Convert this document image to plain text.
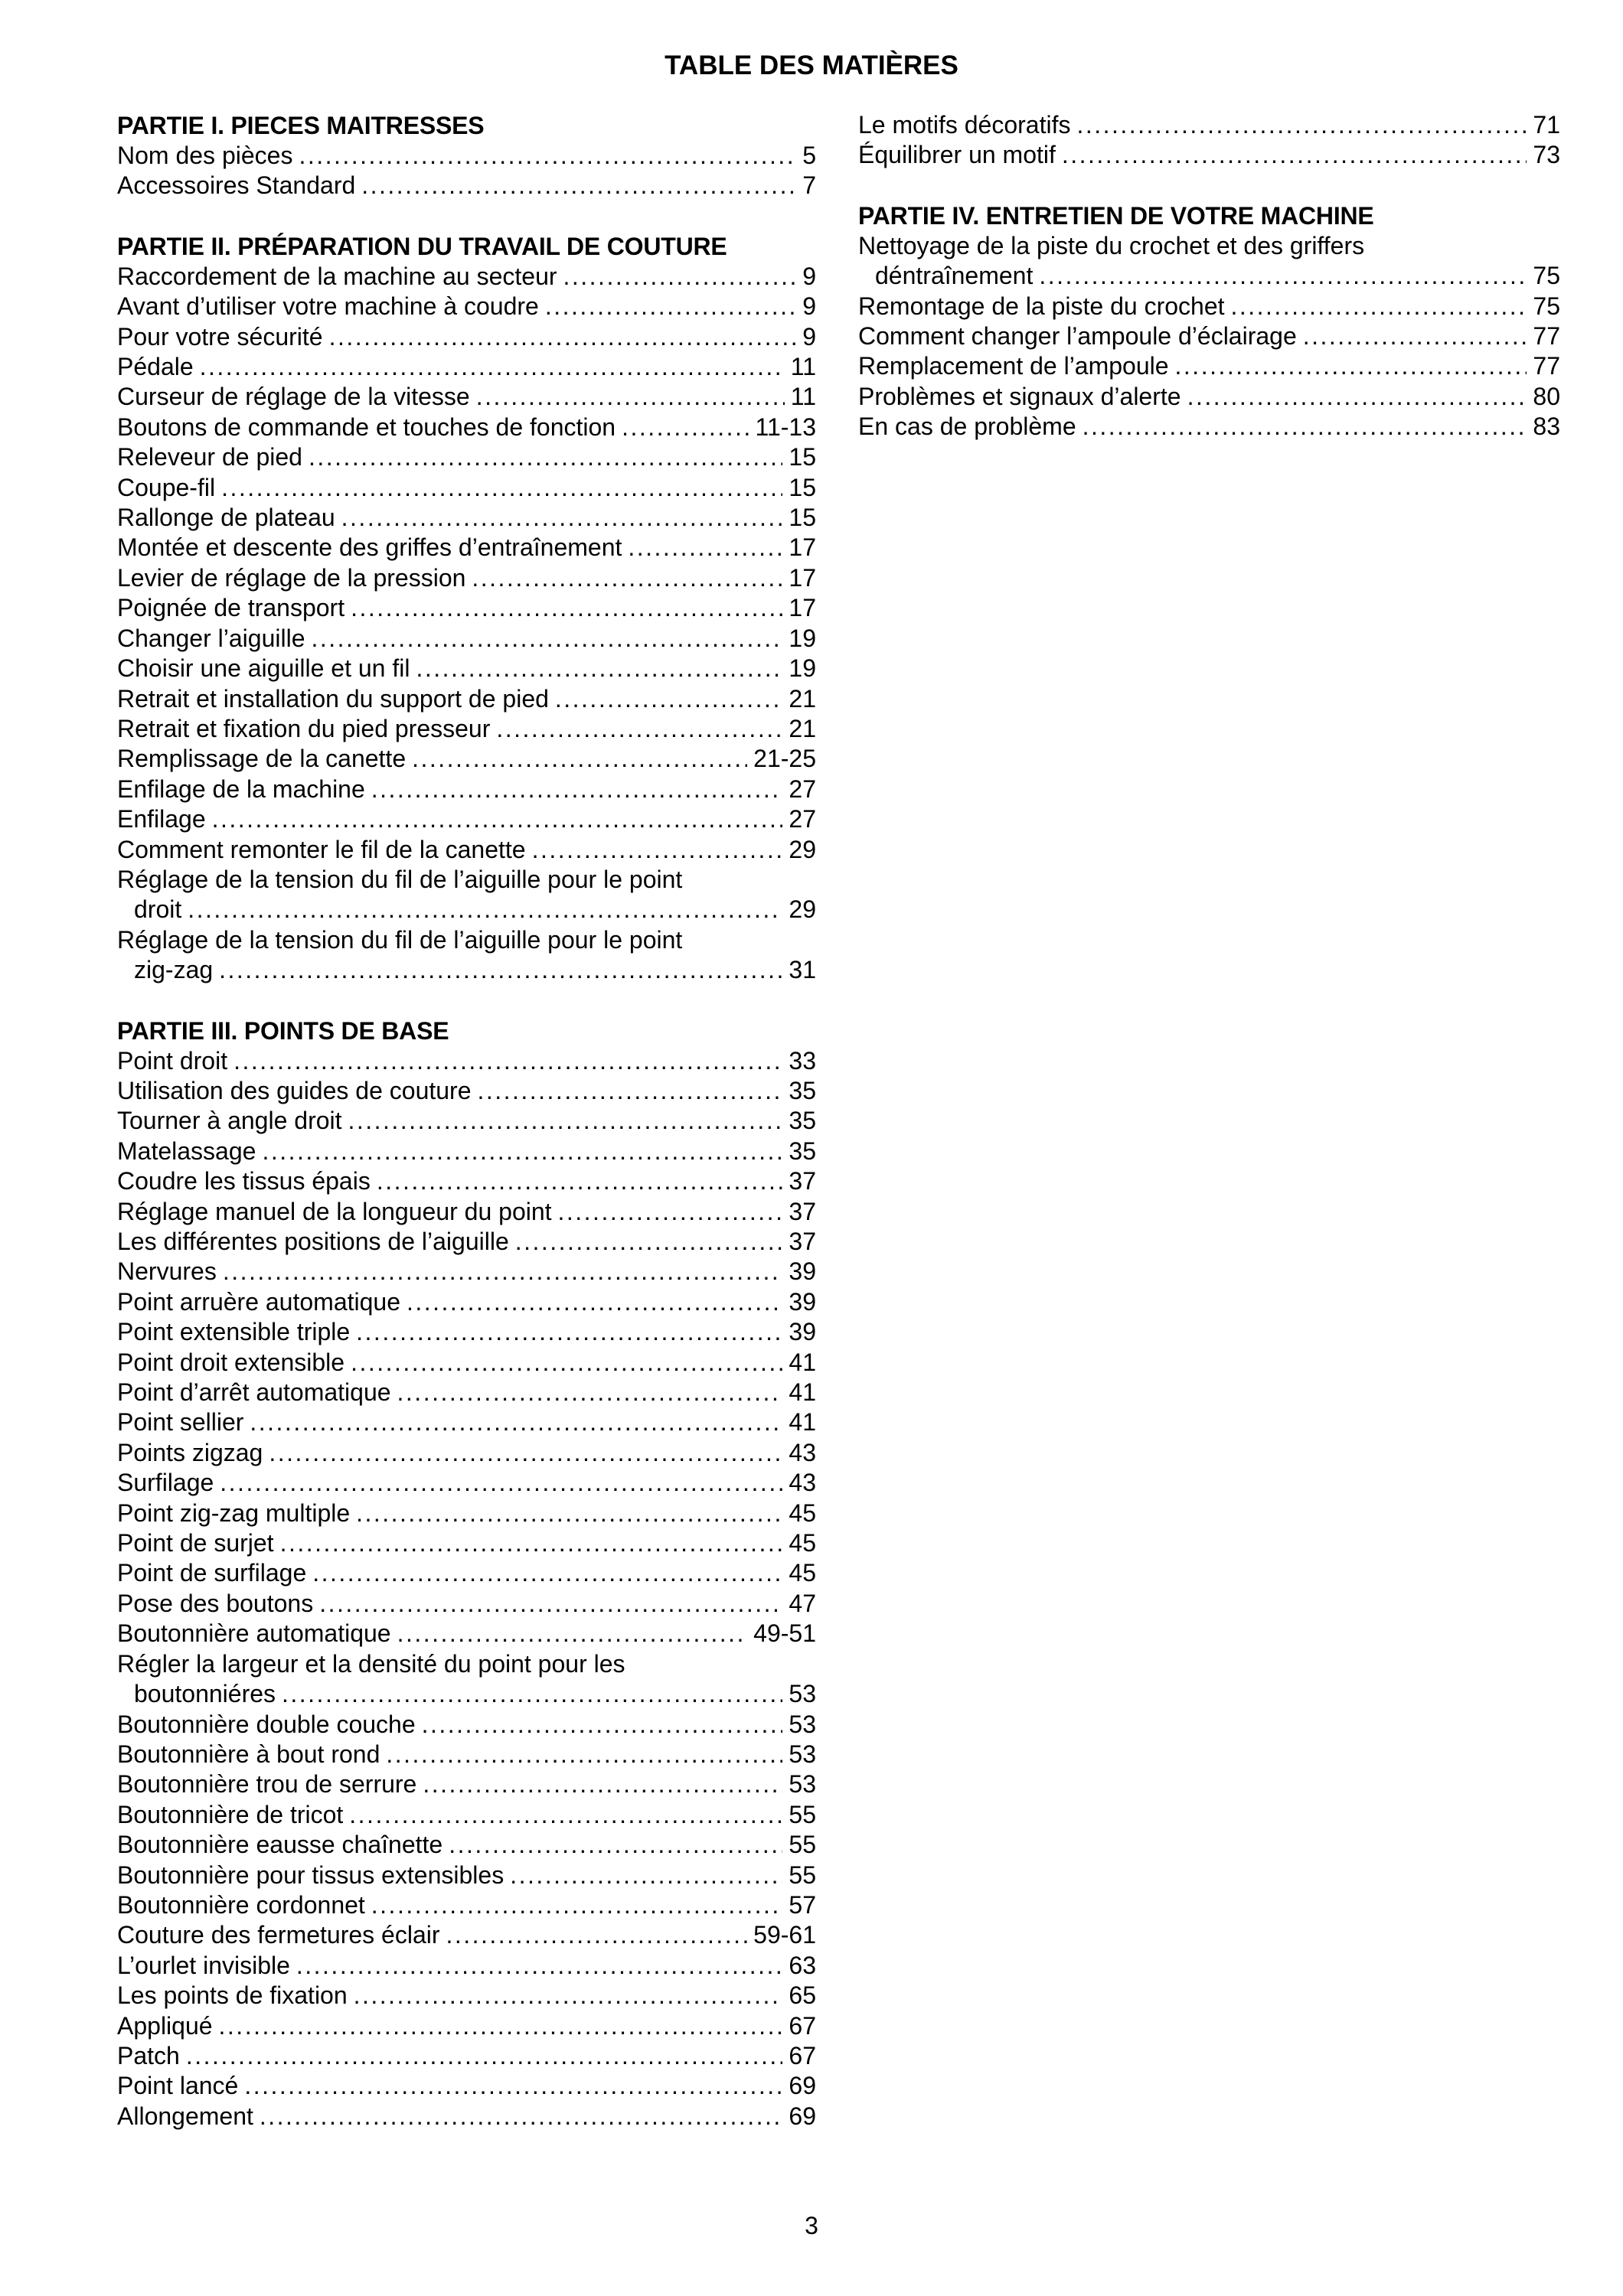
TABLE DES MATIÈRES
PARTIE I. PIECES MAITRESSES
Nom des pièces . . .	5
Accessoires Standard . . .	7
PARTIE II. PRÉPARATION DU TRAVAIL DE COUTURE
Raccordement de la machine au secteur . . .	9
Avant d’utiliser votre machine à coudre . . .	9
Pour votre sécurité . . .	9
Pédale . . .	11
Curseur de réglage de la vitesse . . .	11
Boutons de commande et touches de fonction . . .	11-13
Releveur de pied . . .	15
Coupe-fil . . .	15
Rallonge de plateau . . .	15
Montée et descente des griffes d’entraînement . . .	17
Levier de réglage de la pression . . .	17
Poignée de transport . . .	17
Changer l’aiguille . . .	19
Choisir une aiguille et un fil . . .	19
Retrait et installation du support de pied . . .	21
Retrait et fixation du pied presseur . . .	21
Remplissage de la canette . . .	21-25
Enfilage de la machine . . .	27
Enfilage . . .	27
Comment remonter le fil de la canette . . .	29
Réglage de la tension du fil de l’aiguille pour le point
droit . . .	29
Réglage de la tension du fil de l’aiguille pour le point
zig-zag . . .	31
PARTIE III. POINTS DE BASE
Point droit . . .	33
Utilisation des guides de couture . . .	35
Tourner à angle droit . . .	35
Matelassage . . .	35
Coudre les tissus épais . . .	37
Réglage manuel de la longueur du point . . .	37
Les différentes positions de l’aiguille . . .	37
Nervures . . .	39
Point arruère automatique . . .	39
Point extensible triple . . .	39
Point droit extensible . . .	41
Point d’arrêt automatique . . .	41
Point sellier . . .	41
Points zigzag . . .	43
Surfilage . . .	43
Point zig-zag multiple . . .	45
Point de surjet . . .	45
Point de surfilage . . .	45
Pose des boutons . . .	47
Boutonnière automatique . . .	49-51
Régler la largeur et la densité du point pour les
boutonniéres . . .	53
Boutonnière double couche . . .	53
Boutonnière à bout rond . . .	53
Boutonnière trou de serrure . . .	53
Boutonnière de tricot . . .	55
Boutonnière eausse chaînette . . .	55
Boutonnière pour tissus extensibles . . .	55
Boutonnière cordonnet . . .	57
Couture des fermetures éclair . . .	59-61
L’ourlet invisible . . .	63
Les points de fixation . . .	65
Appliqué . . .	67
Patch . . .	67
Point lancé . . .	69
Allongement . . .	69
Le motifs décoratifs . . .	71
Équilibrer un motif . . .	73
PARTIE IV. ENTRETIEN DE VOTRE MACHINE
Nettoyage de la piste du crochet et des griffers
déntraînement . . .	75
Remontage de la piste du crochet . . .	75
Comment changer l’ampoule d’éclairage . . .	77
Remplacement de l’ampoule . . .	77
Problèmes et signaux d’alerte . . .	80
En cas de problème . . .	83
3
